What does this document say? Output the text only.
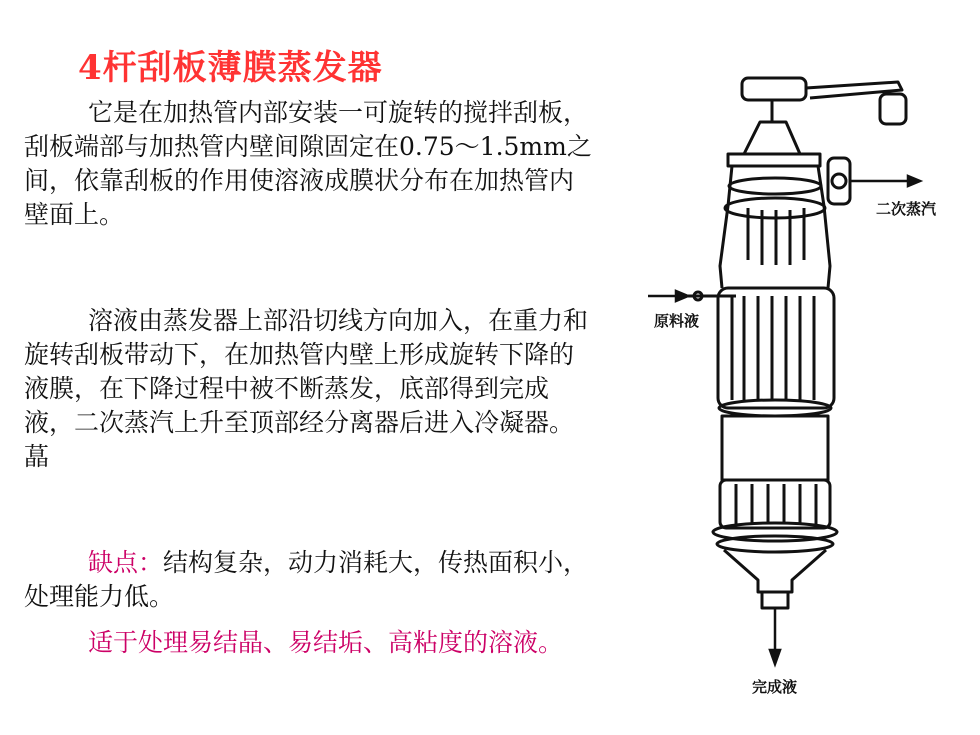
4杆刮板薄膜蒸发器
它是在加热管内部安装一可旋转的搅拌刮板，刮板端部与加热管内壁间隙固定在0.75～1.5mm之间，依靠刮板的作用使溶液成膜状分布在加热管内壁面上。
溶液由蒸发器上部沿切线方向加入，在重力和旋转刮板带动下，在加热管内壁上形成旋转下降的液膜，在下降过程中被不断蒸发，底部得到完成液，二次蒸汽上升至顶部经分离器后进入冷凝器。蕌
缺点：结构复杂，动力消耗大，传热面积小，处理能力低。
适于处理易结晶、易结垢、高粘度的溶液。
二次蒸汽
原料液
完成液
